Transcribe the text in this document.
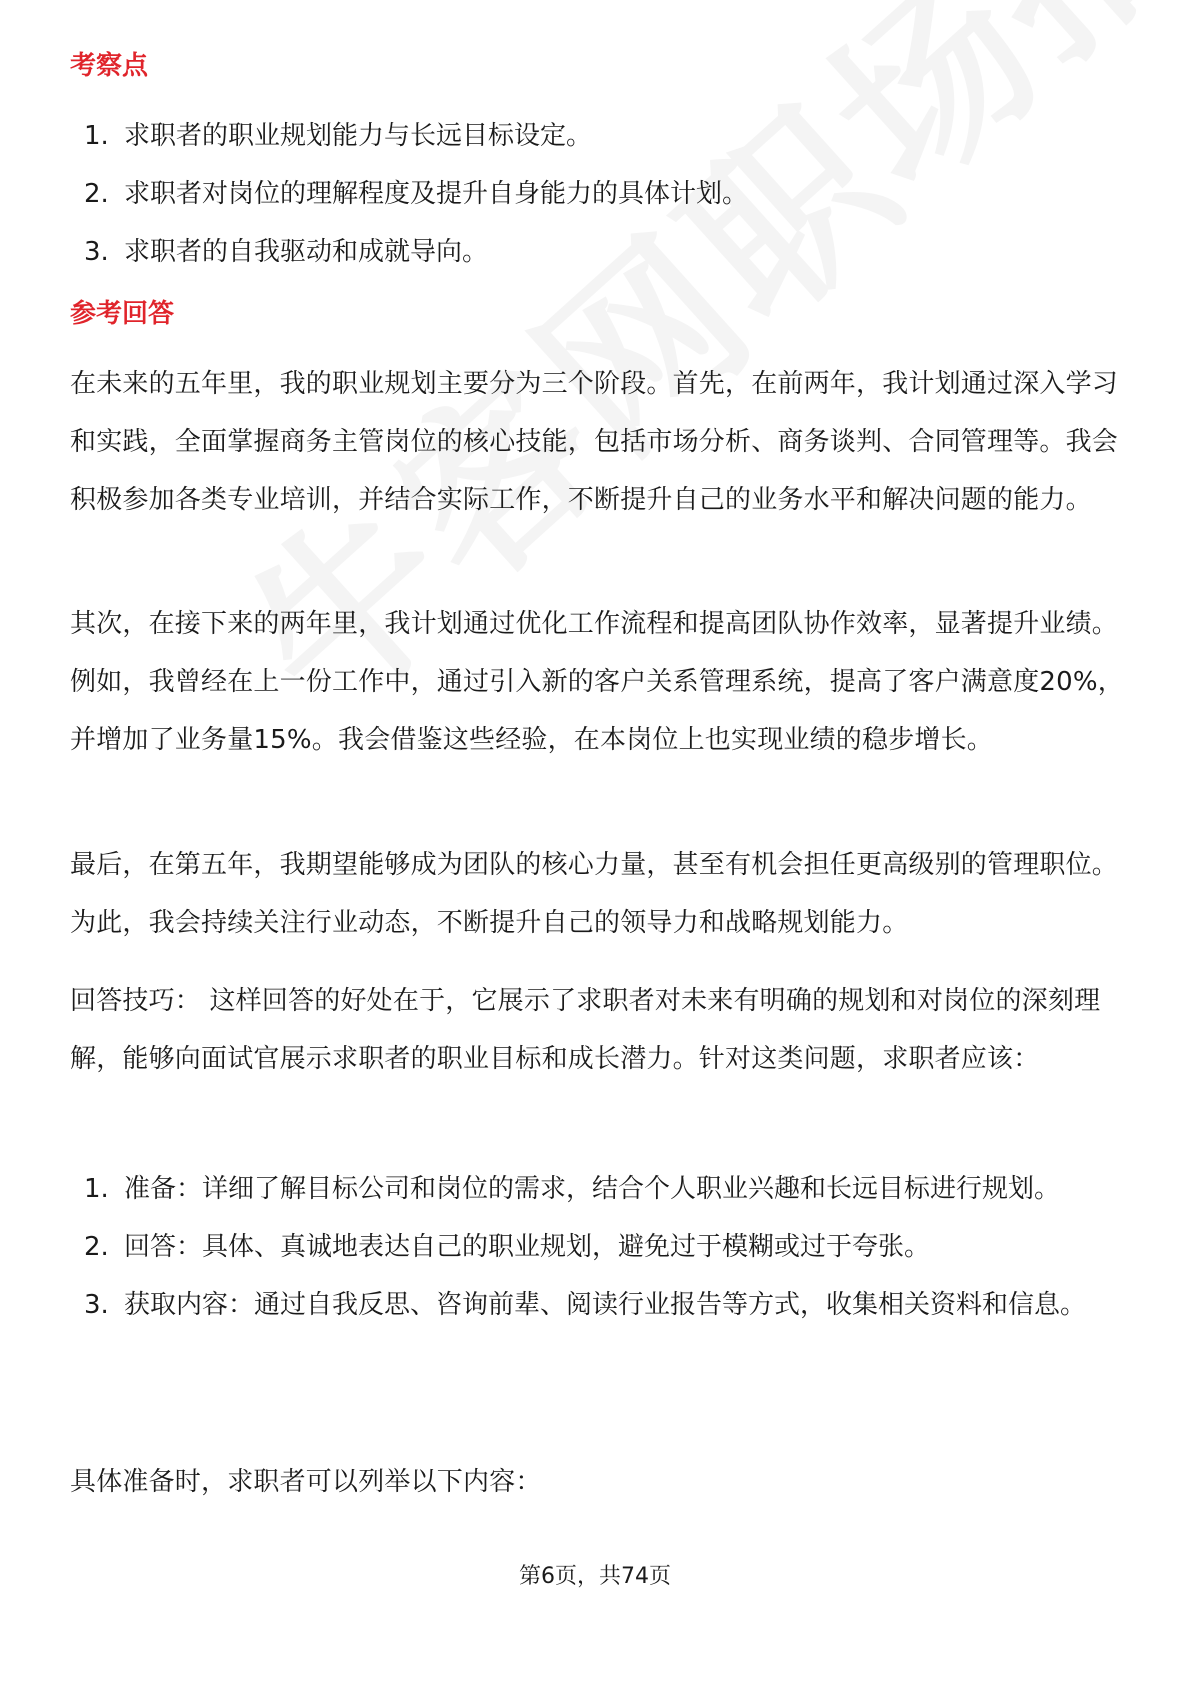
考察点
1. 求职者的职业规划能力与长远目标设定。
2. 求职者对岗位的理解程度及提升自身能力的具体计划。
3. 求职者的自我驱动和成就导向。
参考回答
在未来的五年里，我的职业规划主要分为三个阶段。首先，在前两年，我计划通过深入学习和实践，全面掌握商务主管岗位的核心技能，包括市场分析、商务谈判、合同管理等。我会积极参加各类专业培训，并结合实际工作，不断提升自己的业务水平和解决问题的能力。
其次，在接下来的两年里，我计划通过优化工作流程和提高团队协作效率，显著提升业绩。例如，我曾经在上一份工作中，通过引入新的客户关系管理系统，提高了客户满意度20%，并增加了业务量15%。我会借鉴这些经验，在本岗位上也实现业绩的稳步增长。
最后，在第五年，我期望能够成为团队的核心力量，甚至有机会担任更高级别的管理职位。为此，我会持续关注行业动态，不断提升自己的领导力和战略规划能力。
回答技巧： 这样回答的好处在于，它展示了求职者对未来有明确的规划和对岗位的深刻理解，能够向面试官展示求职者的职业目标和成长潜力。针对这类问题，求职者应该：
1. 准备：详细了解目标公司和岗位的需求，结合个人职业兴趣和长远目标进行规划。
2. 回答：具体、真诚地表达自己的职业规划，避免过于模糊或过于夸张。
3. 获取内容：通过自我反思、咨询前辈、阅读行业报告等方式，收集相关资料和信息。
具体准备时，求职者可以列举以下内容：
第6页，共74页
